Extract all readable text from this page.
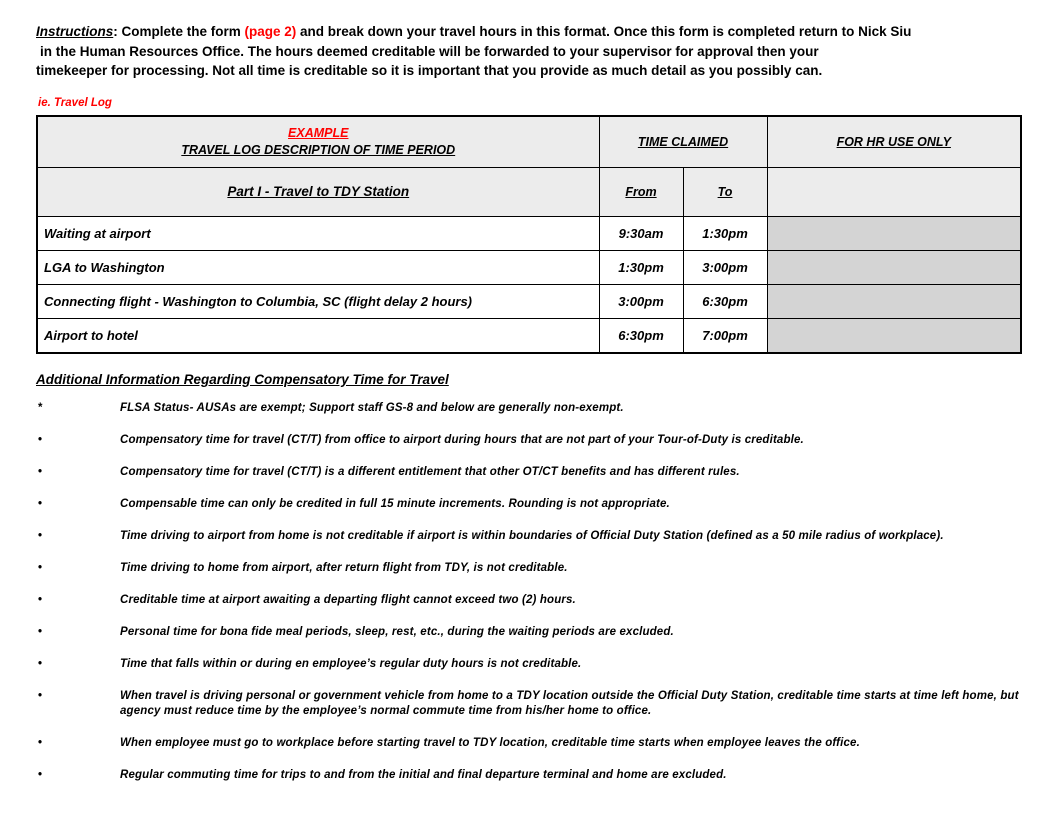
Instructions: Complete the form (page 2) and break down your travel hours in this format. Once this form is completed return to Nick Siu
in the Human Resources Office. The hours deemed creditable will be forwarded to your supervisor for approval then your
timekeeper for processing. Not all time is creditable so it is important that you provide as much detail as you possibly can.

ie. Travel Log
EXAMPLE
TRAVEL LOG DESCRIPTION OF TIME PERIOD	TIME CLAIMED		FOR HR USE ONLY
Part I - Travel to TDY Station	From	To	
Waiting at airport	9:30am	1:30pm	
LGA to Washington	1:30pm	3:00pm	
Connecting flight - Washington to Columbia, SC (flight delay 2 hours)	3:00pm	6:30pm	
Airport to hotel	6:30pm	7:00pm	
Additional Information Regarding Compensatory Time for Travel
*	FLSA Status- AUSAs are exempt; Support staff GS-8 and below are generally non-exempt.
•	Compensatory time for travel (CT/T) from office to airport during hours that are not part of your Tour-of-Duty is creditable.
•	Compensatory time for travel (CT/T) is a different entitlement that other OT/CT benefits and has different rules.
•	Compensable time can only be credited in full 15 minute increments. Rounding is not appropriate.
•	Time driving to airport from home is not creditable if airport is within boundaries of Official Duty Station (defined as a 50 mile radius of workplace).
•	Time driving to home from airport, after return flight from TDY, is not creditable.
•	Creditable time at airport awaiting a departing flight cannot exceed two (2) hours.
•	Personal time for bona fide meal periods, sleep, rest, etc., during the waiting periods are excluded.
•	Time that falls within or during en employee’s regular duty hours is not creditable.
•	When travel is driving personal or government vehicle from home to a TDY location outside the Official Duty Station, creditable time starts at time left home, but agency must reduce time by the employee’s normal commute time from his/her home to office.
•	When employee must go to workplace before starting travel to TDY location, creditable time starts when employee leaves the office.
•	Regular commuting time for trips to and from the initial and final departure terminal and home are excluded.
